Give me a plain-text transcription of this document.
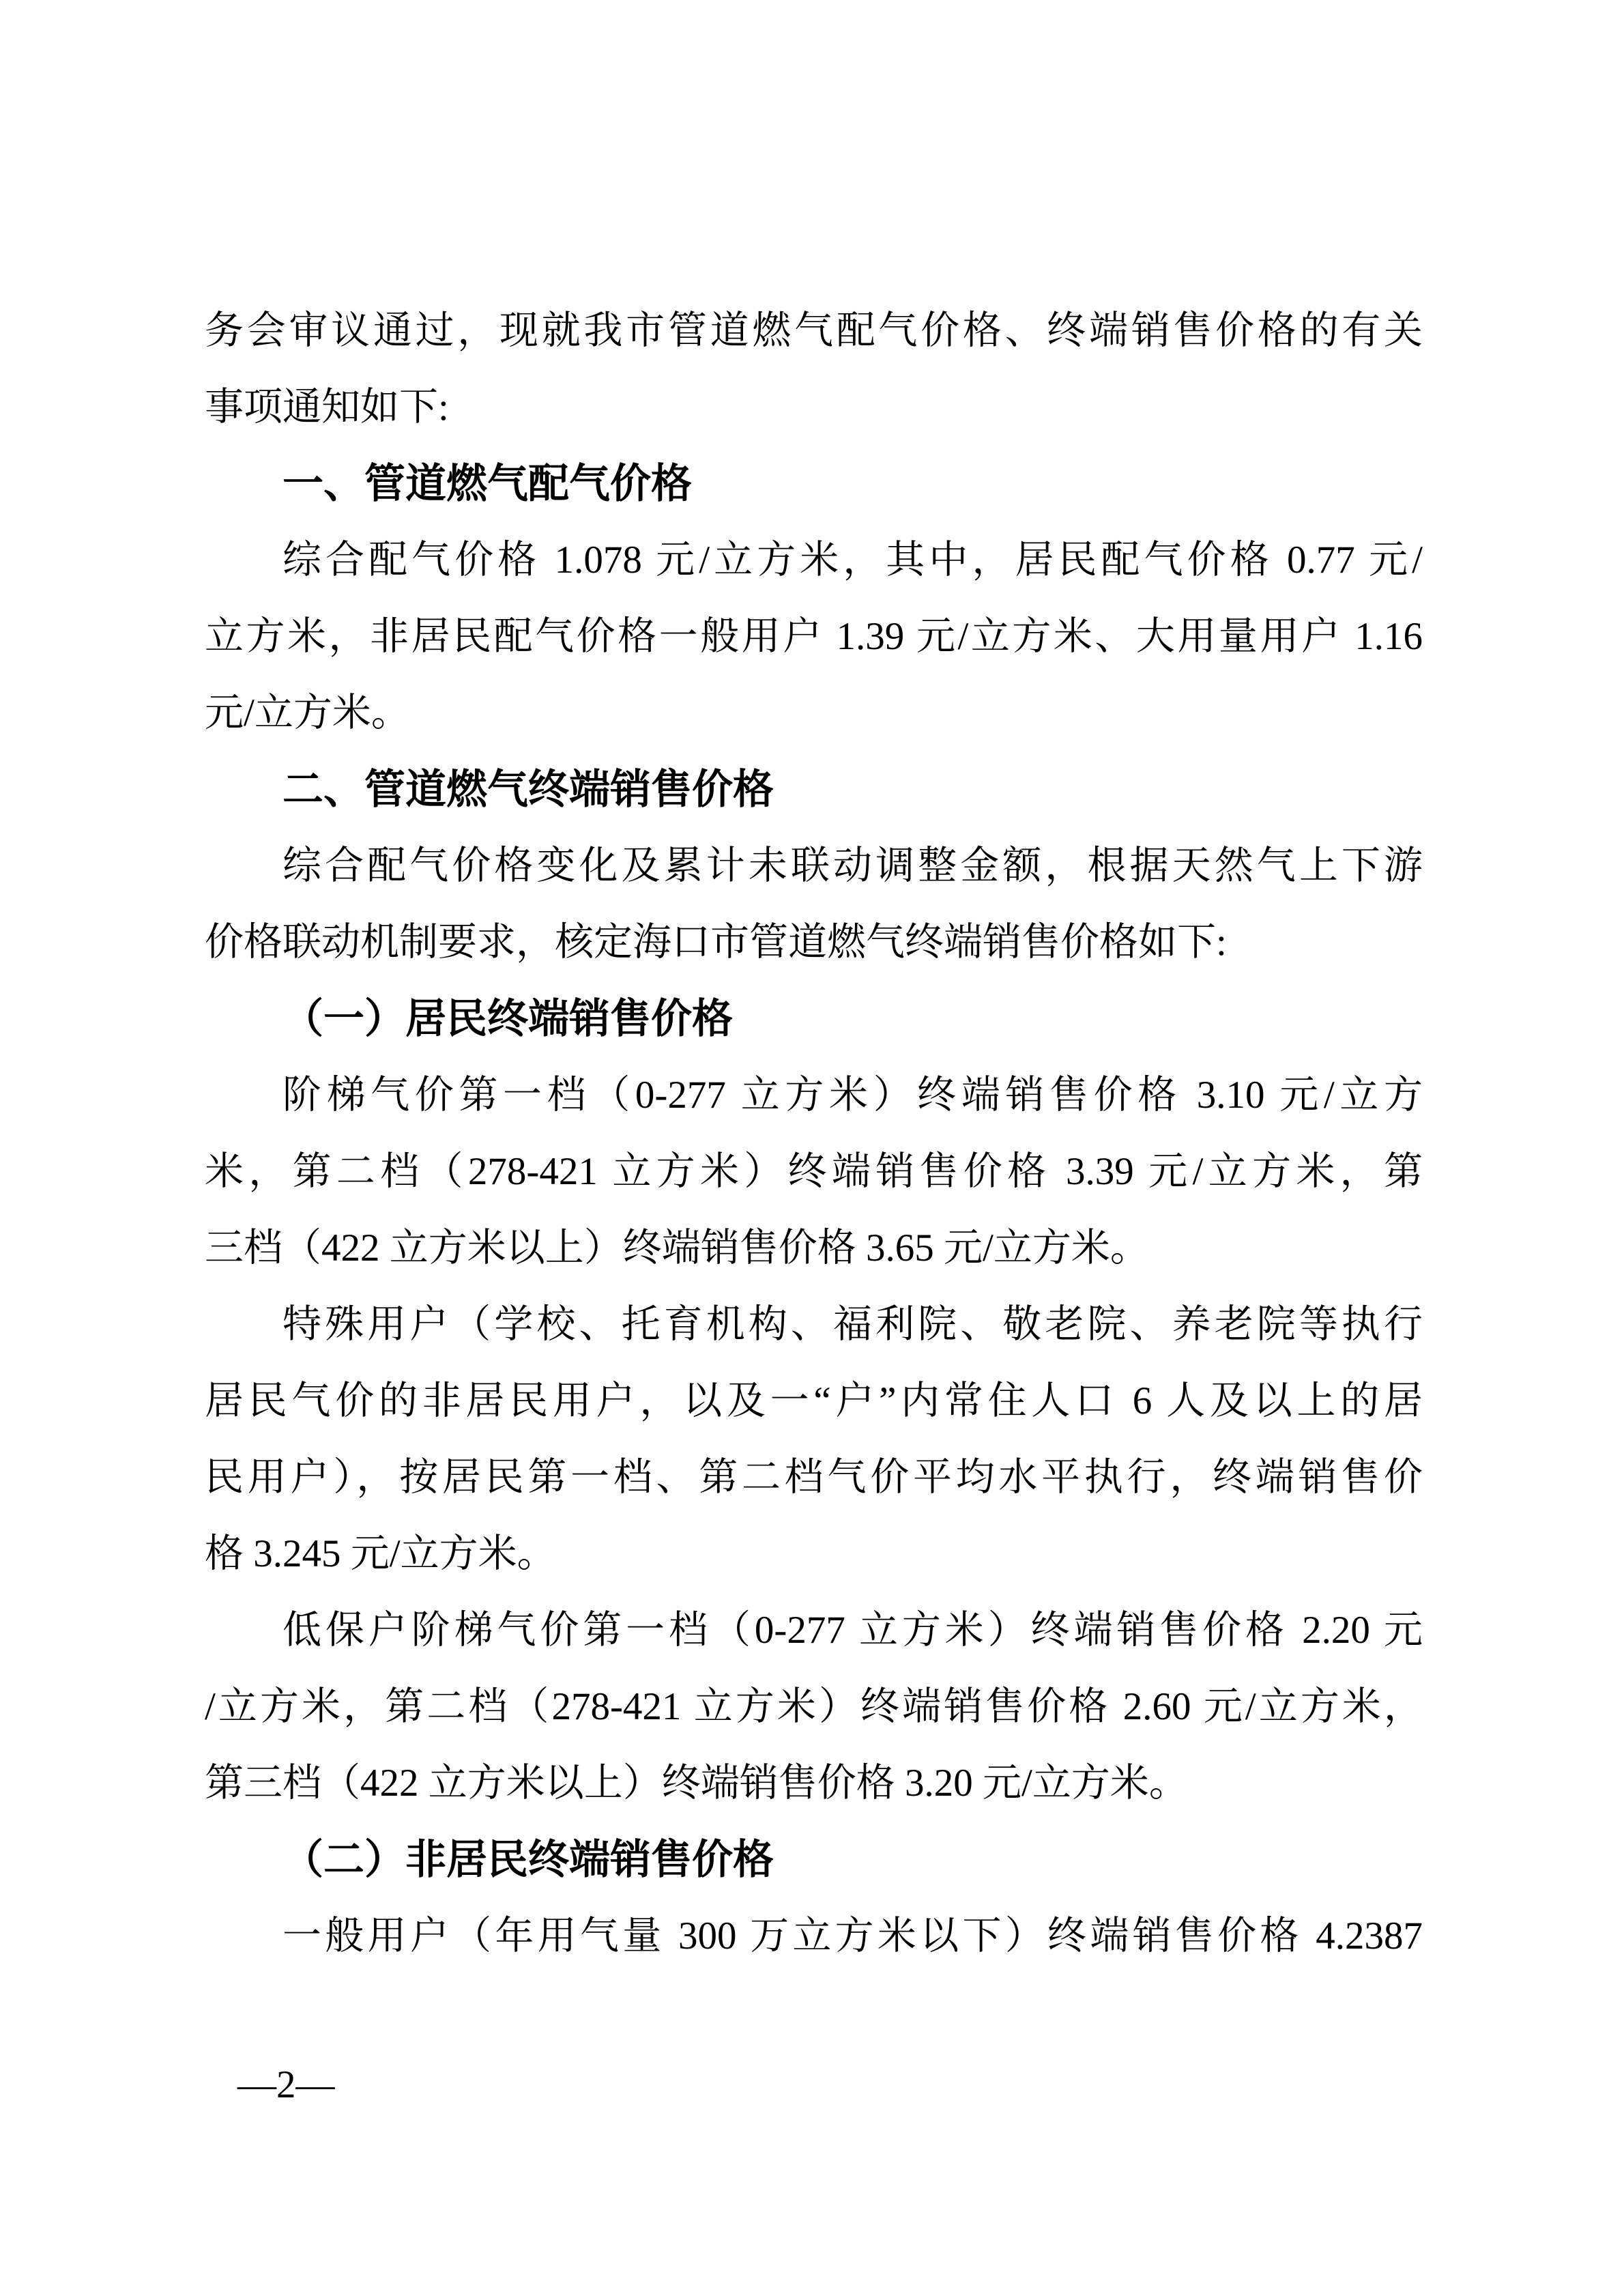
务会审议通过，现就我市管道燃气配气价格、终端销售价格的有关
事项通知如下:
一、管道燃气配气价格
综合配气价格 1.078 元/立方米，其中，居民配气价格 0.77 元/
立方米，非居民配气价格一般用户 1.39 元/立方米、大用量用户 1.16
元/立方米。
二、管道燃气终端销售价格
综合配气价格变化及累计未联动调整金额，根据天然气上下游
价格联动机制要求，核定海口市管道燃气终端销售价格如下:
（一）居民终端销售价格
阶梯气价第一档（0-277 立方米）终端销售价格 3.10 元/立方
米，第二档（278-421 立方米）终端销售价格 3.39 元/立方米，第
三档（422 立方米以上）终端销售价格 3.65 元/立方米。
特殊用户（学校、托育机构、福利院、敬老院、养老院等执行
居民气价的非居民用户，以及一“户”内常住人口 6 人及以上的居
民用户），按居民第一档、第二档气价平均水平执行，终端销售价
格 3.245 元/立方米。
低保户阶梯气价第一档（0-277 立方米）终端销售价格 2.20 元
/立方米，第二档（278-421 立方米）终端销售价格 2.60 元/立方米，
第三档（422 立方米以上）终端销售价格 3.20 元/立方米。
（二）非居民终端销售价格
一般用户（年用气量 300 万立方米以下）终端销售价格 4.2387
—2—
